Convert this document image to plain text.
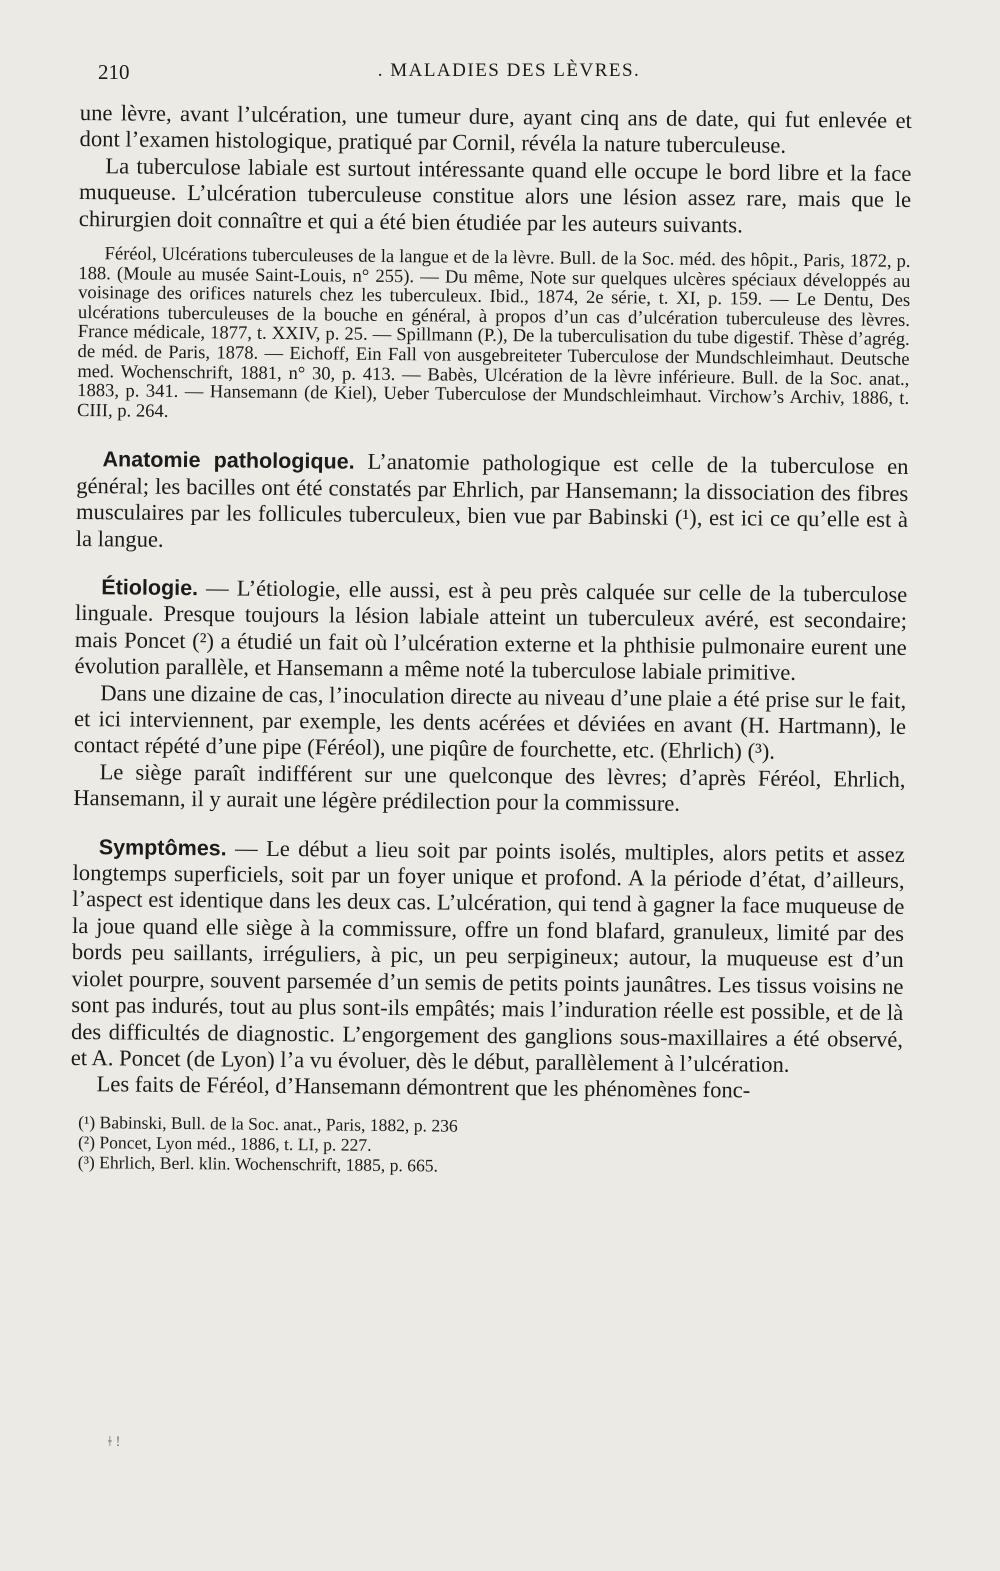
210	. MALADIES DES LÈVRES.

une lèvre, avant l’ulcération, une tumeur dure, ayant cinq ans de date, qui fut enlevée et dont l’examen histologique, pratiqué par Cornil, révéla la nature tuberculeuse.

La tuberculose labiale est surtout intéressante quand elle occupe le bord libre et la face muqueuse. L’ulcération tuberculeuse constitue alors une lésion assez rare, mais que le chirurgien doit connaître et qui a été bien étudiée par les auteurs suivants.

Féréol, Ulcérations tuberculeuses de la langue et de la lèvre. Bull. de la Soc. méd. des hôpit., Paris, 1872, p. 188. (Moule au musée Saint-Louis, n° 255). — Du même, Note sur quelques ulcères spéciaux développés au voisinage des orifices naturels chez les tuberculeux. Ibid., 1874, 2e série, t. XI, p. 159. — Le Dentu, Des ulcérations tuberculeuses de la bouche en général, à propos d’un cas d’ulcération tuberculeuse des lèvres. France médicale, 1877, t. XXIV, p. 25. — Spillmann (P.), De la tuberculisation du tube digestif. Thèse d’agrég. de méd. de Paris, 1878. — Eichoff, Ein Fall von ausgebreiteter Tuberculose der Mundschleimhaut. Deutsche med. Wochenschrift, 1881, n° 30, p. 413. — Babès, Ulcération de la lèvre inférieure. Bull. de la Soc. anat., 1883, p. 341. — Hansemann (de Kiel), Ueber Tuberculose der Mundschleimhaut. Virchow’s Archiv, 1886, t. CIII, p. 264.

Anatomie pathologique. L’anatomie pathologique est celle de la tuberculose en général; les bacilles ont été constatés par Ehrlich, par Hansemann; la dissociation des fibres musculaires par les follicules tuberculeux, bien vue par Babinski (¹), est ici ce qu’elle est à la langue.

Étiologie. — L’étiologie, elle aussi, est à peu près calquée sur celle de la tuberculose linguale. Presque toujours la lésion labiale atteint un tuberculeux avéré, est secondaire; mais Poncet (²) a étudié un fait où l’ulcération externe et la phthisie pulmonaire eurent une évolution parallèle, et Hansemann a même noté la tuberculose labiale primitive.

Dans une dizaine de cas, l’inoculation directe au niveau d’une plaie a été prise sur le fait, et ici interviennent, par exemple, les dents acérées et déviées en avant (H. Hartmann), le contact répété d’une pipe (Féréol), une piqûre de fourchette, etc. (Ehrlich) (³).

Le siège paraît indifférent sur une quelconque des lèvres; d’après Féréol, Ehrlich, Hansemann, il y aurait une légère prédilection pour la commissure.

Symptômes. — Le début a lieu soit par points isolés, multiples, alors petits et assez longtemps superficiels, soit par un foyer unique et profond. A la période d’état, d’ailleurs, l’aspect est identique dans les deux cas. L’ulcération, qui tend à gagner la face muqueuse de la joue quand elle siège à la commissure, offre un fond blafard, granuleux, limité par des bords peu saillants, irréguliers, à pic, un peu serpigineux; autour, la muqueuse est d’un violet pourpre, souvent parsemée d’un semis de petits points jaunâtres. Les tissus voisins ne sont pas indurés, tout au plus sont-ils empâtés; mais l’induration réelle est possible, et de là des difficultés de diagnostic. L’engorgement des ganglions sous-maxillaires a été observé, et A. Poncet (de Lyon) l’a vu évoluer, dès le début, parallèlement à l’ulcération.

Les faits de Féréol, d’Hansemann démontrent que les phénomènes fonc-

(¹) Babinski, Bull. de la Soc. anat., Paris, 1882, p. 236
(²) Poncet, Lyon méd., 1886, t. LI, p. 227.
(³) Ehrlich, Berl. klin. Wochenschrift, 1885, p. 665.
ǂ !
